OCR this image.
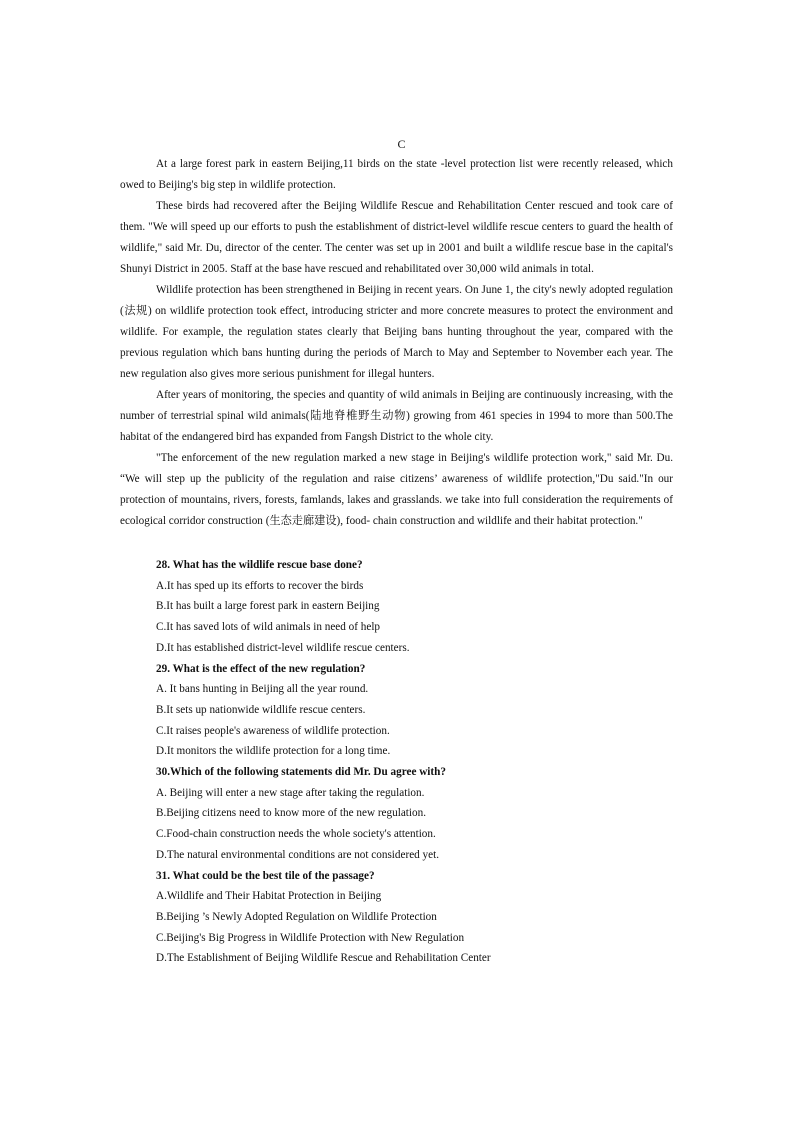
C

At a large forest park in eastern Beijing,11 birds on the state -level protection list were recently released, which owed to Beijing's big step in wildlife protection.

These birds had recovered after the Beijing Wildlife Rescue and Rehabilitation Center rescued and took care of them. "We will speed up our efforts to push the establishment of district-level wildlife rescue centers to guard the health of wildlife," said Mr. Du, director of the center. The center was set up in 2001 and built a wildlife rescue base in the capital's Shunyi District in 2005. Staff at the base have rescued and rehabilitated over 30,000 wild animals in total.

Wildlife protection has been strengthened in Beijing in recent years. On June 1, the city's newly adopted regulation (法规) on wildlife protection took effect, introducing stricter and more concrete measures to protect the environment and wildlife. For example, the regulation states clearly that Beijing bans hunting throughout the year, compared with the previous regulation which bans hunting during the periods of March to May and September to November each year. The new regulation also gives more serious punishment for illegal hunters.

After years of monitoring, the species and quantity of wild animals in Beijing are continuously increasing, with the number of terrestrial spinal wild animals(陆地脊椎野生动物) growing from 461 species in 1994 to more than 500.The habitat of the endangered bird has expanded from Fangsh District to the whole city.

"The enforcement of the new regulation marked a new stage in Beijing's wildlife protection work," said Mr. Du. “We will step up the publicity of the regulation and raise citizens’ awareness of wildlife protection,"Du said."In our protection of mountains, rivers, forests, famlands, lakes and grasslands. we take into full consideration the requirements of ecological corridor construction (生态走廊建设), food- chain construction and wildlife and their habitat protection."

28. What has the wildlife rescue base done?

A.It has sped up its efforts to recover the birds

B.It has built a large forest park in eastern Beijing

C.It has saved lots of wild animals in need of help

D.It has established district-level wildlife rescue centers.

29. What is the effect of the new regulation?

A. It bans hunting in Beijing all the year round.

B.It sets up nationwide wildlife rescue centers.

C.It raises people's awareness of wildlife protection.

D.It monitors the wildlife protection for a long time.

30.Which of the following statements did Mr. Du agree with?

A. Beijing will enter a new stage after taking the regulation.

B.Beijing citizens need to know more of the new regulation.

C.Food-chain construction needs the whole society's attention.

D.The natural environmental conditions are not considered yet.

31. What could be the best tile of the passage?

A.Wildlife and Their Habitat Protection in Beijing

B.Beijing ’s Newly Adopted Regulation on Wildlife Protection

C.Beijing's Big Progress in Wildlife Protection with New Regulation

D.The Establishment of Beijing Wildlife Rescue and Rehabilitation Center
